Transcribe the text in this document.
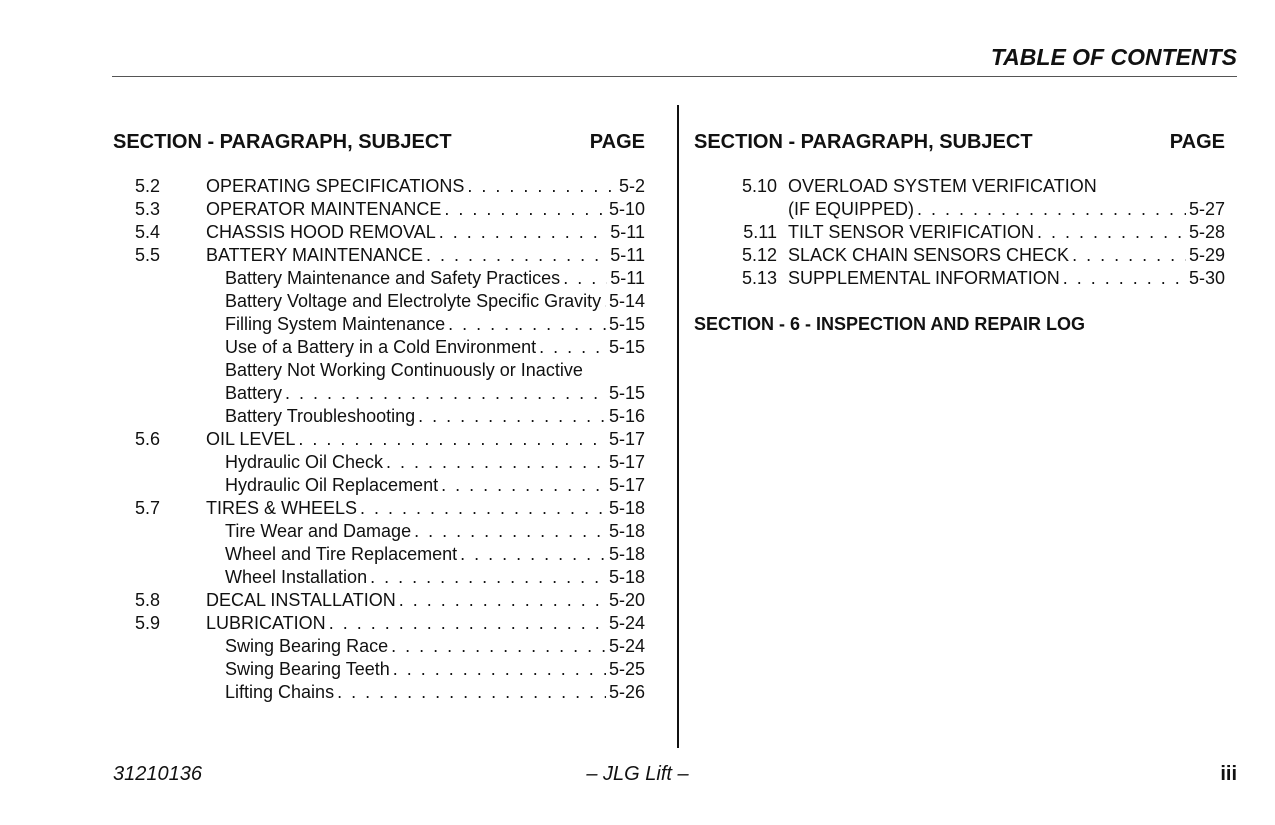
TABLE OF CONTENTS
SECTION - PARAGRAPH, SUBJECT	PAGE
5.2	OPERATING SPECIFICATIONS . . .	5-2
5.3	OPERATOR MAINTENANCE . . .	5-10
5.4	CHASSIS HOOD REMOVAL . . .	5-11
5.5	BATTERY MAINTENANCE . . .	5-11
Battery Maintenance and Safety Practices . . .	5-11
Battery Voltage and Electrolyte Specific Gravity . . . 5-14
Filling System Maintenance . . .	5-15
Use of a Battery in a Cold Environment . . .	5-15
Battery Not Working Continuously or Inactive
Battery . . .	5-15
Battery Troubleshooting . . .	5-16
5.6	OIL LEVEL . . .	5-17
Hydraulic Oil Check . . .	5-17
Hydraulic Oil Replacement . . .	5-17
5.7	TIRES & WHEELS . . .	5-18
Tire Wear and Damage . . .	5-18
Wheel and Tire Replacement . . .	5-18
Wheel Installation . . .	5-18
5.8	DECAL INSTALLATION . . .	5-20
5.9	LUBRICATION . . .	5-24
Swing Bearing Race . . .	5-24
Swing Bearing Teeth . . .	5-25
Lifting Chains . . .	5-26
SECTION - PARAGRAPH, SUBJECT	PAGE
5.10 OVERLOAD SYSTEM VERIFICATION
(IF EQUIPPED) . . .	5-27
5.11 TILT SENSOR VERIFICATION . . .	5-28
5.12 SLACK CHAIN SENSORS CHECK . . .	5-29
5.13 SUPPLEMENTAL INFORMATION . . .	5-30
SECTION - 6 - INSPECTION AND REPAIR LOG
31210136	– JLG Lift –	iii
